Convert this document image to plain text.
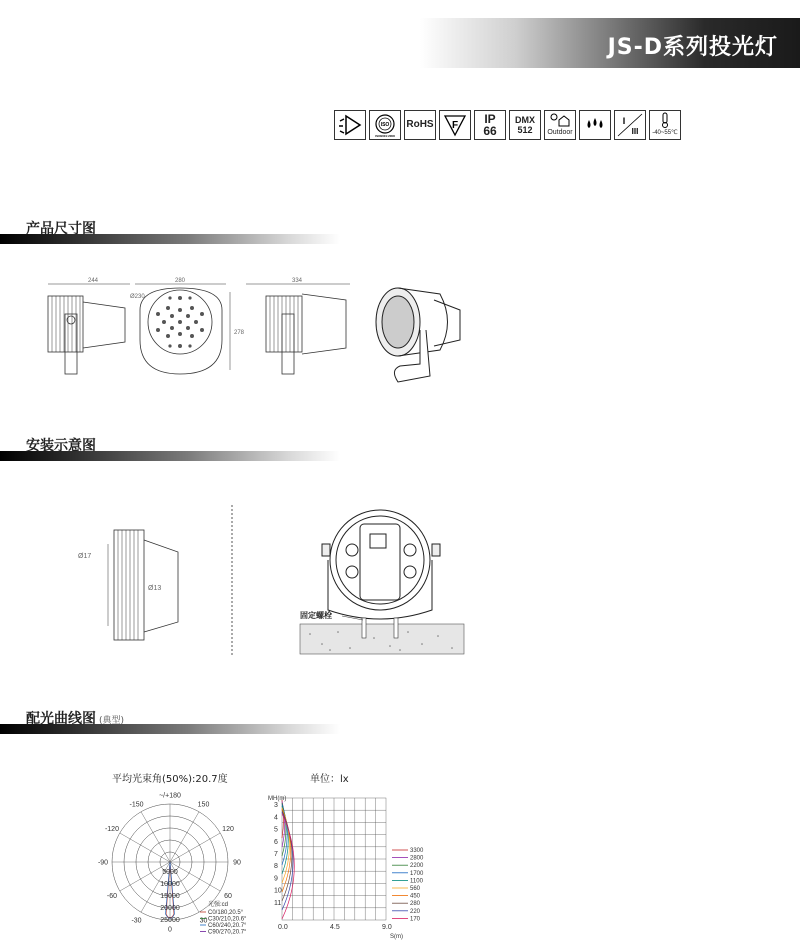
JS-D系列投光灯
ISO
ISO9001:2008
RoHS F IP
66
DMX
512 Outdoor
I
III -40~55℃
产品尺寸图
244	280
Ø230
278
334
安装示意图
Ø17
Ø13
固定螺栓
配光曲线图 (典型)
平均光束角(50%):20.7度	单位：lx
~/+180
150
120
90
60
30
0
-30
-60
-90
-120
-150
5000
10000
15000
20000
25000
光强:cd
C0/180,20.5°
C30/210,20.6°
C60/240,20.7°
C90/270,20.7°
MH(m)
3
4
5
6
7
8
9
10
11
0.0	4.5	9.0
S(m)
3300
2800
2200
1700
1100
560
450
280
220
170
